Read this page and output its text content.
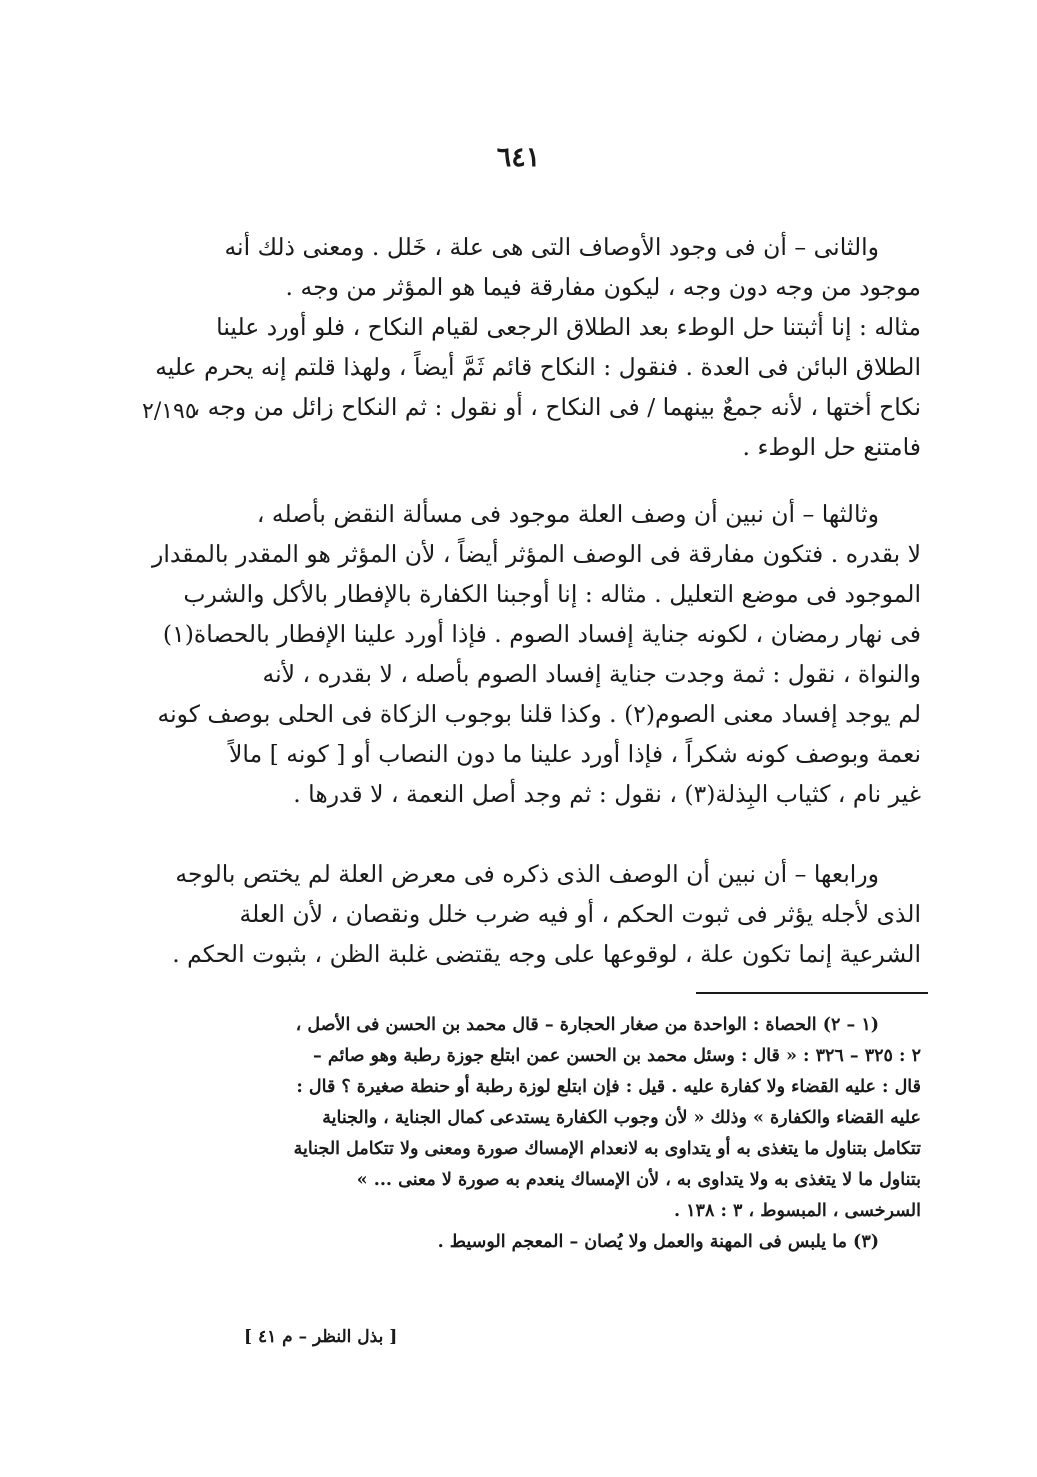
٦٤١
والثانى – أن فى وجود الأوصاف التى هى علة ، خَلل . ومعنى ذلك أنه
موجود من وجه دون وجه ، ليكون مفارقة فيما هو المؤثر من وجه .
مثاله : إنا أثبتنا حل الوطء بعد الطلاق الرجعى لقيام النكاح ، فلو أورد علينا
الطلاق البائن فى العدة . فنقول : النكاح قائم ثَمَّ أيضاً ، ولهذا قلتم إنه يحرم عليه
نكاح أختها ، لأنه جمعٌ بينهما / فى النكاح ، أو نقول : ثم النكاح زائل من وجه ،
فامتنع حل الوطء .
٢/١٩٥
وثالثها – أن نبين أن وصف العلة موجود فى مسألة النقض بأصله ،
لا بقدره . فتكون مفارقة فى الوصف المؤثر أيضاً ، لأن المؤثر هو المقدر بالمقدار
الموجود فى موضع التعليل . مثاله : إنا أوجبنا الكفارة بالإفطار بالأكل والشرب
فى نهار رمضان ، لكونه جناية إفساد الصوم . فإذا أورد علينا الإفطار بالحصاة(١)
والنواة ، نقول : ثمة وجدت جناية إفساد الصوم بأصله ، لا بقدره ، لأنه
لم يوجد إفساد معنى الصوم(٢) . وكذا قلنا بوجوب الزكاة فى الحلى بوصف كونه
نعمة وبوصف كونه شكراً ، فإذا أورد علينا ما دون النصاب أو [ كونه ] مالاً
غير نام ، كثياب البِذلة(٣) ، نقول : ثم وجد أصل النعمة ، لا قدرها .
ورابعها – أن نبين أن الوصف الذى ذكره فى معرض العلة لم يختص بالوجه
الذى لأجله يؤثر فى ثبوت الحكم ، أو فيه ضرب خلل ونقصان ، لأن العلة
الشرعية إنما تكون علة ، لوقوعها على وجه يقتضى غلبة الظن ، بثبوت الحكم .
(١ – ٢) الحصاة : الواحدة من صغار الحجارة – قال محمد بن الحسن فى الأصل ،
٢ : ٣٢٥ – ٣٢٦ : « قال : وسئل محمد بن الحسن عمن ابتلع جوزة رطبة وهو صائم –
قال : عليه القضاء ولا كفارة عليه . قيل : فإن ابتلع لوزة رطبة أو حنطة صغيرة ؟ قال :
عليه القضاء والكفارة » وذلك « لأن وجوب الكفارة يستدعى كمال الجناية ، والجناية
تتكامل بتناول ما يتغذى به أو يتداوى به لانعدام الإمساك صورة ومعنى ولا تتكامل الجناية
بتناول ما لا يتغذى به ولا يتداوى به ، لأن الإمساك ينعدم به صورة لا معنى ... »
السرخسى ، المبسوط ، ٣ : ١٣٨ .
(٣) ما يلبس فى المهنة والعمل ولا يُصان – المعجم الوسيط .
[ بذل النظر – م ٤١ ]
